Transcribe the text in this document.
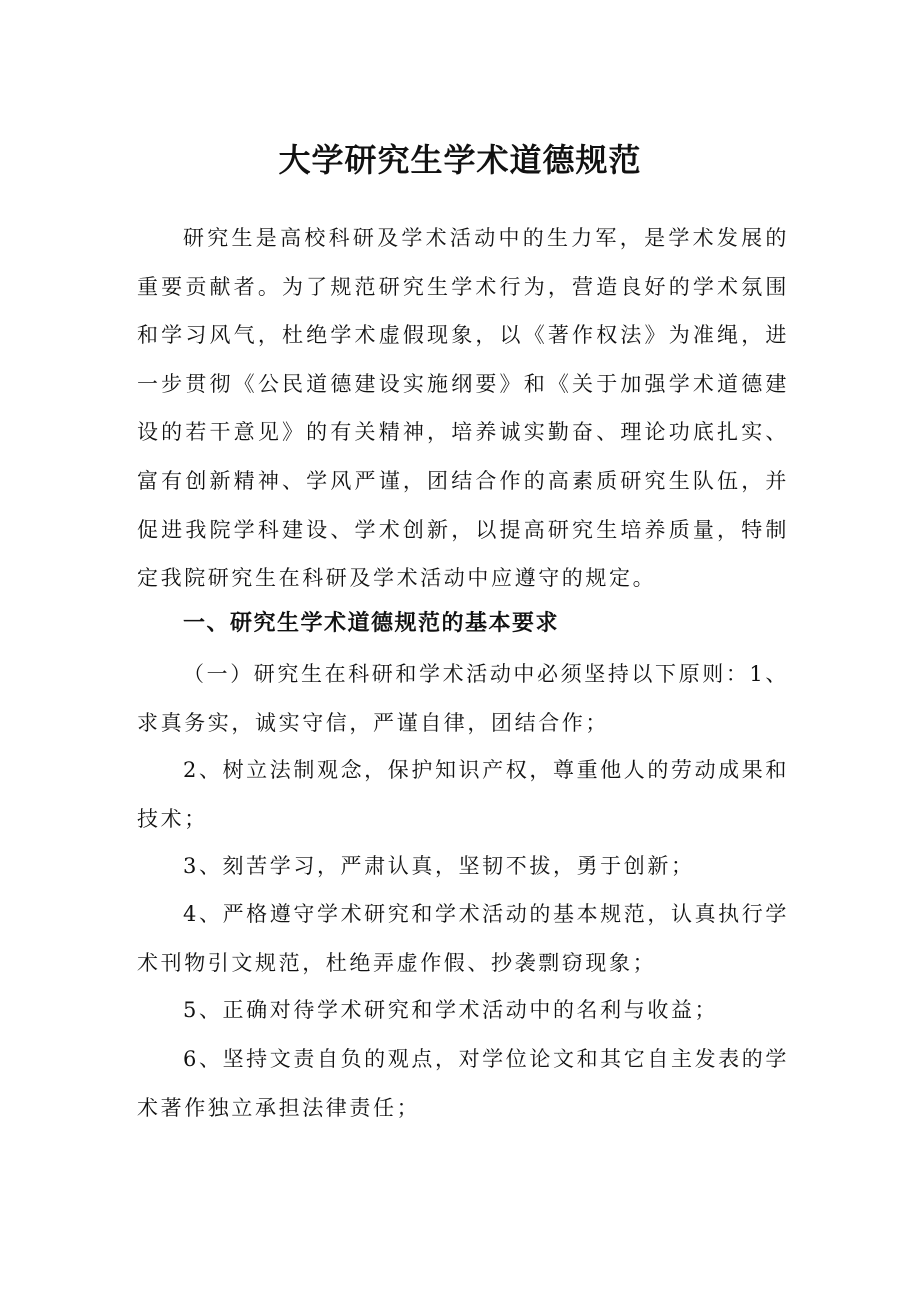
大学研究生学术道德规范

研究生是高校科研及学术活动中的生力军，是学术发展的重要贡献者。为了规范研究生学术行为，营造良好的学术氛围和学习风气，杜绝学术虚假现象，以《著作权法》为准绳，进一步贯彻《公民道德建设实施纲要》和《关于加强学术道德建设的若干意见》的有关精神，培养诚实勤奋、理论功底扎实、富有创新精神、学风严谨，团结合作的高素质研究生队伍，并促进我院学科建设、学术创新，以提高研究生培养质量，特制定我院研究生在科研及学术活动中应遵守的规定。

一、研究生学术道德规范的基本要求

（一）研究生在科研和学术活动中必须坚持以下原则：1、求真务实，诚实守信，严谨自律，团结合作；

2、树立法制观念，保护知识产权，尊重他人的劳动成果和技术；

3、刻苦学习，严肃认真，坚韧不拔，勇于创新；

4、严格遵守学术研究和学术活动的基本规范，认真执行学术刊物引文规范，杜绝弄虚作假、抄袭剽窃现象；

5、正确对待学术研究和学术活动中的名利与收益；

6、坚持文责自负的观点，对学位论文和其它自主发表的学术著作独立承担法律责任；
